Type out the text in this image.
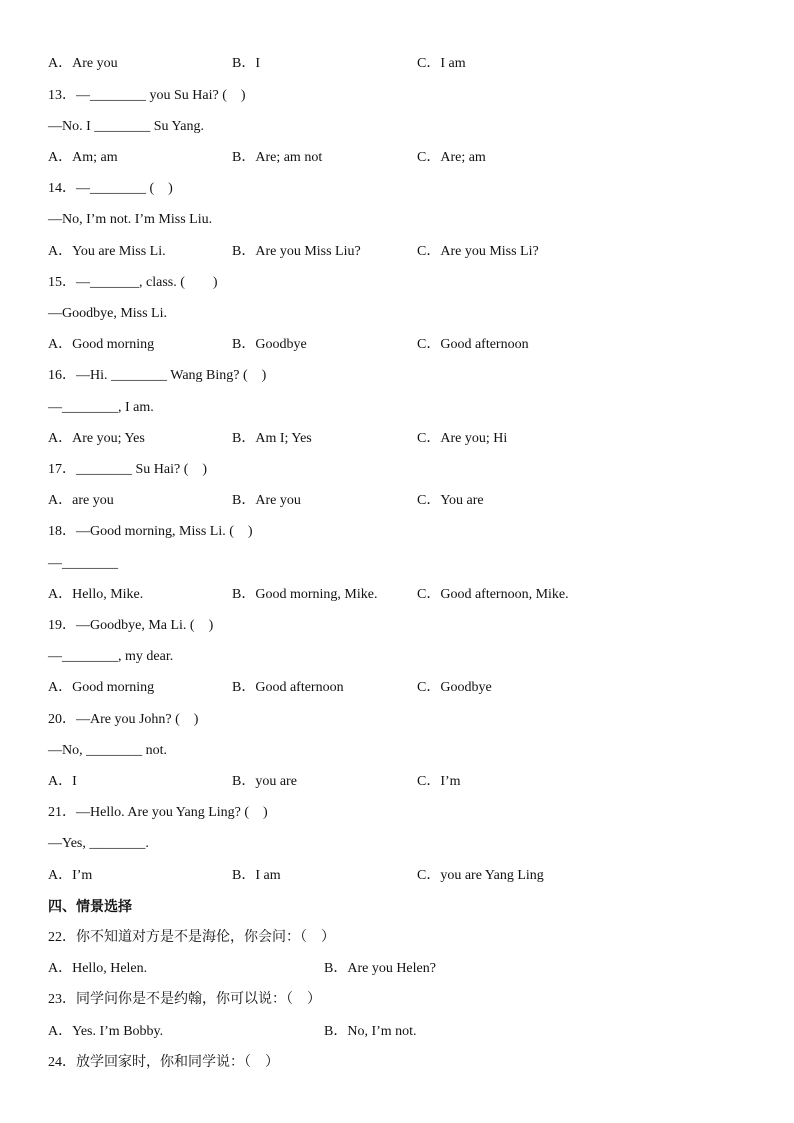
A．Are you	B．I	C．I am
13．—________ you Su Hai? (　)
—No. I ________ Su Yang.
A．Am; am	B．Are; am not	C．Are; am
14．—________ (　)
—No, I’m not. I’m Miss Liu.
A．You are Miss Li.	B．Are you Miss Liu?	C．Are you Miss Li?
15．—_______, class. (　　)
—Goodbye, Miss Li.
A．Good morning	B．Goodbye	C．Good afternoon
16．—Hi. ________ Wang Bing? (　)
—________, I am.
A．Are you; Yes	B．Am I; Yes	C．Are you; Hi
17．________ Su Hai? (　)
A．are you	B．Are you	C．You are
18．—Good morning, Miss Li. (　)
—________
A．Hello, Mike.	B．Good morning, Mike.	C．Good afternoon, Mike.
19．—Goodbye, Ma Li. (　)
—________, my dear.
A．Good morning	B．Good afternoon	C．Goodbye
20．—Are you John? (　)
—No, ________ not.
A．I	B．you are	C．I’m
21．—Hello. Are you Yang Ling? (　)
—Yes, ________.
A．I’m	B．I am	C．you are Yang Ling
四、情景选择
22．你不知道对方是不是海伦，你会问：（　）
A．Hello, Helen.	B．Are you Helen?
23．同学问你是不是约翰，你可以说：（　）
A．Yes. I’m Bobby.	B．No, I’m not.
24．放学回家时，你和同学说：（　）
